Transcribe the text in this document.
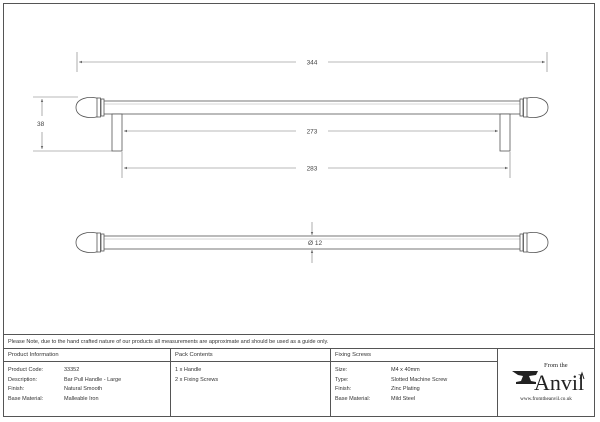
344
38
273
283
Ø 12
Please Note, due to the hand crafted nature of our products all measurements are approximate and should be used as a guide only.
Product Information
Product Code:	33352
Description:	Bar Pull Handle - Large
Finish:	Natural Smooth
Base Material:	Malleable Iron
Pack Contents
1 x Handle
2 x Fixing Screws
Fixing Screws
Size:	M4 x 40mm
Type:	Slotted Machine Screw
Finish:	Zinc Plating
Base Material:	Mild Steel
From the
Anvil
www.fromtheanvil.co.uk
